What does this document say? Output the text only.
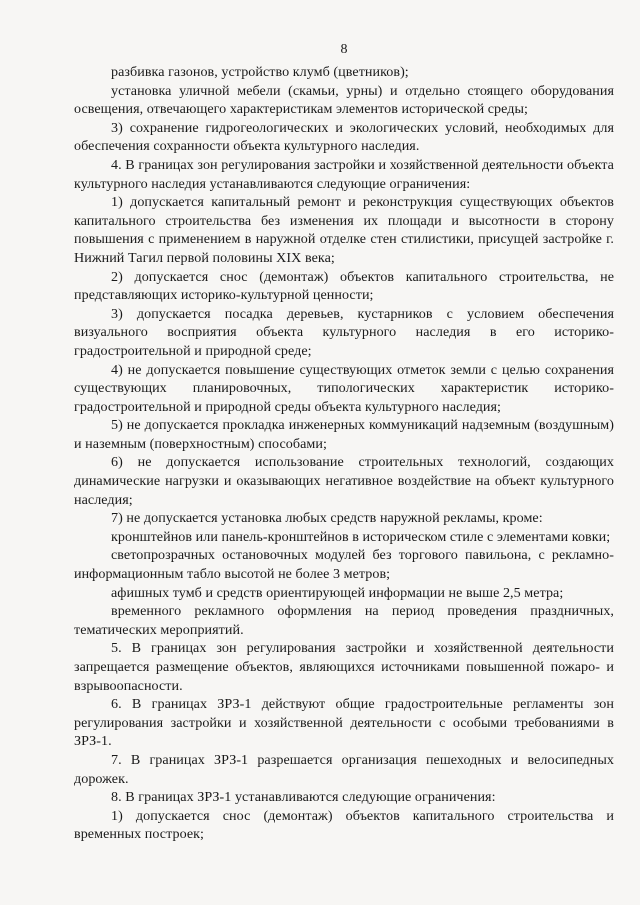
8

разбивка газонов, устройство клумб (цветников);

установка уличной мебели (скамьи, урны) и отдельно стоящего оборудования освещения, отвечающего характеристикам элементов исторической среды;

3) сохранение гидрогеологических и экологических условий, необходимых для обеспечения сохранности объекта культурного наследия.

4. В границах зон регулирования застройки и хозяйственной деятельности объекта культурного наследия устанавливаются следующие ограничения:

1) допускается капитальный ремонт и реконструкция существующих объектов капитального строительства без изменения их площади и высотности в сторону повышения с применением в наружной отделке стен стилистики, присущей застройке г. Нижний Тагил первой половины XIX века;

2) допускается снос (демонтаж) объектов капитального строительства, не представляющих историко-культурной ценности;

3) допускается посадка деревьев, кустарников с условием обеспечения визуального восприятия объекта культурного наследия в его историко-градостроительной и природной среде;

4) не допускается повышение существующих отметок земли с целью сохранения существующих планировочных, типологических характеристик историко-градостроительной и природной среды объекта культурного наследия;

5) не допускается прокладка инженерных коммуникаций надземным (воздушным) и наземным (поверхностным) способами;

6) не допускается использование строительных технологий, создающих динамические нагрузки и оказывающих негативное воздействие на объект культурного наследия;

7) не допускается установка любых средств наружной рекламы, кроме:

кронштейнов или панель-кронштейнов в историческом стиле с элементами ковки;

светопрозрачных остановочных модулей без торгового павильона, с рекламно-информационным табло высотой не более 3 метров;

афишных тумб и средств ориентирующей информации не выше 2,5 метра;

временного рекламного оформления на период проведения праздничных, тематических мероприятий.

5. В границах зон регулирования застройки и хозяйственной деятельности запрещается размещение объектов, являющихся источниками повышенной пожаро- и взрывоопасности.

6. В границах ЗРЗ-1 действуют общие градостроительные регламенты зон регулирования застройки и хозяйственной деятельности с особыми требованиями в ЗРЗ-1.

7. В границах ЗРЗ-1 разрешается организация пешеходных и велосипедных дорожек.

8. В границах ЗРЗ-1 устанавливаются следующие ограничения:

1) допускается снос (демонтаж) объектов капитального строительства и временных построек;
